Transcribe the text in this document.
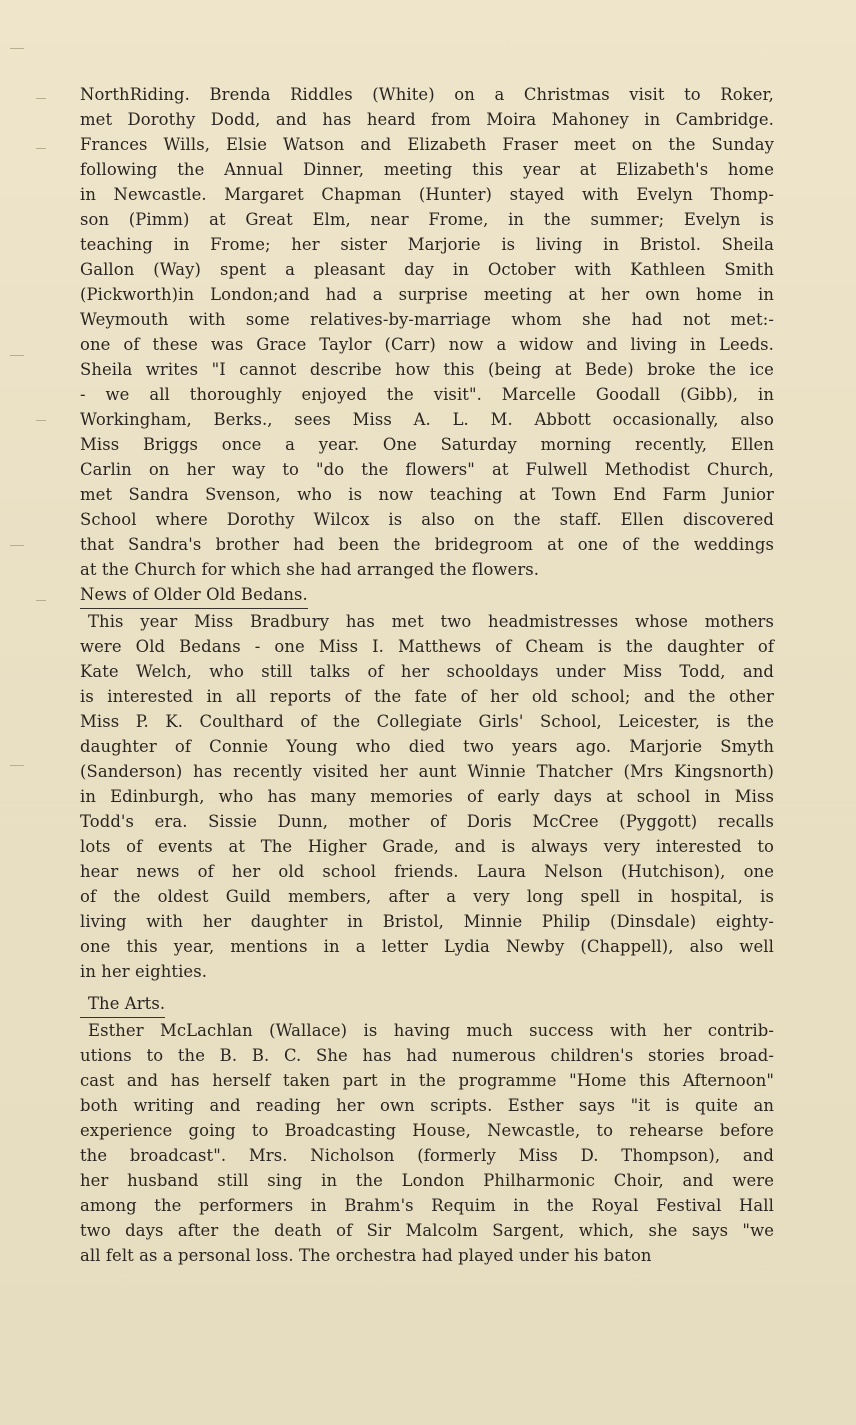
NorthRiding. Brenda Riddles (White) on a Christmas visit to Roker,
met Dorothy Dodd, and has heard from Moira Mahoney in Cambridge.
Frances Wills, Elsie Watson and Elizabeth Fraser meet on the Sunday
following the Annual Dinner, meeting this year at Elizabeth's home
in Newcastle. Margaret Chapman (Hunter) stayed with Evelyn Thomp-
son (Pimm) at Great Elm, near Frome, in the summer; Evelyn is
teaching in Frome; her sister Marjorie is living in Bristol. Sheila
Gallon (Way) spent a pleasant day in October with Kathleen Smith
(Pickworth)in London;and had a surprise meeting at her own home in
Weymouth with some relatives-by-marriage whom she had not met:-
one of these was Grace Taylor (Carr) now a widow and living in Leeds.
Sheila writes "I cannot describe how this (being at Bede) broke the ice
- we all thoroughly enjoyed the visit". Marcelle Goodall (Gibb), in
Workingham, Berks., sees Miss A. L. M. Abbott occasionally, also
Miss Briggs once a year. One Saturday morning recently, Ellen
Carlin on her way to "do the flowers" at Fulwell Methodist Church,
met Sandra Svenson, who is now teaching at Town End Farm Junior
School where Dorothy Wilcox is also on the staff. Ellen discovered
that Sandra's brother had been the bridegroom at one of the weddings
at the Church for which she had arranged the flowers.
News of Older Old Bedans.
This year Miss Bradbury has met two headmistresses whose mothers
were Old Bedans - one Miss I. Matthews of Cheam is the daughter of
Kate Welch, who still talks of her schooldays under Miss Todd, and
is interested in all reports of the fate of her old school; and the other
Miss P. K. Coulthard of the Collegiate Girls' School, Leicester, is the
daughter of Connie Young who died two years ago. Marjorie Smyth
(Sanderson) has recently visited her aunt Winnie Thatcher (Mrs Kingsnorth)
in Edinburgh, who has many memories of early days at school in Miss
Todd's era. Sissie Dunn, mother of Doris McCree (Pyggott) recalls
lots of events at The Higher Grade, and is always very interested to
hear news of her old school friends. Laura Nelson (Hutchison), one
of the oldest Guild members, after a very long spell in hospital, is
living with her daughter in Bristol, Minnie Philip (Dinsdale) eighty-
one this year, mentions in a letter Lydia Newby (Chappell), also well
in her eighties.
The Arts.
Esther McLachlan (Wallace) is having much success with her contrib-
utions to the B. B. C. She has had numerous children's stories broad-
cast and has herself taken part in the programme "Home this Afternoon"
both writing and reading her own scripts. Esther says "it is quite an
experience going to Broadcasting House, Newcastle, to rehearse before
the broadcast". Mrs. Nicholson (formerly Miss D. Thompson), and
her husband still sing in the London Philharmonic Choir, and were
among the performers in Brahm's Requim in the Royal Festival Hall
two days after the death of Sir Malcolm Sargent, which, she says "we
all felt as a personal loss. The orchestra had played under his baton
